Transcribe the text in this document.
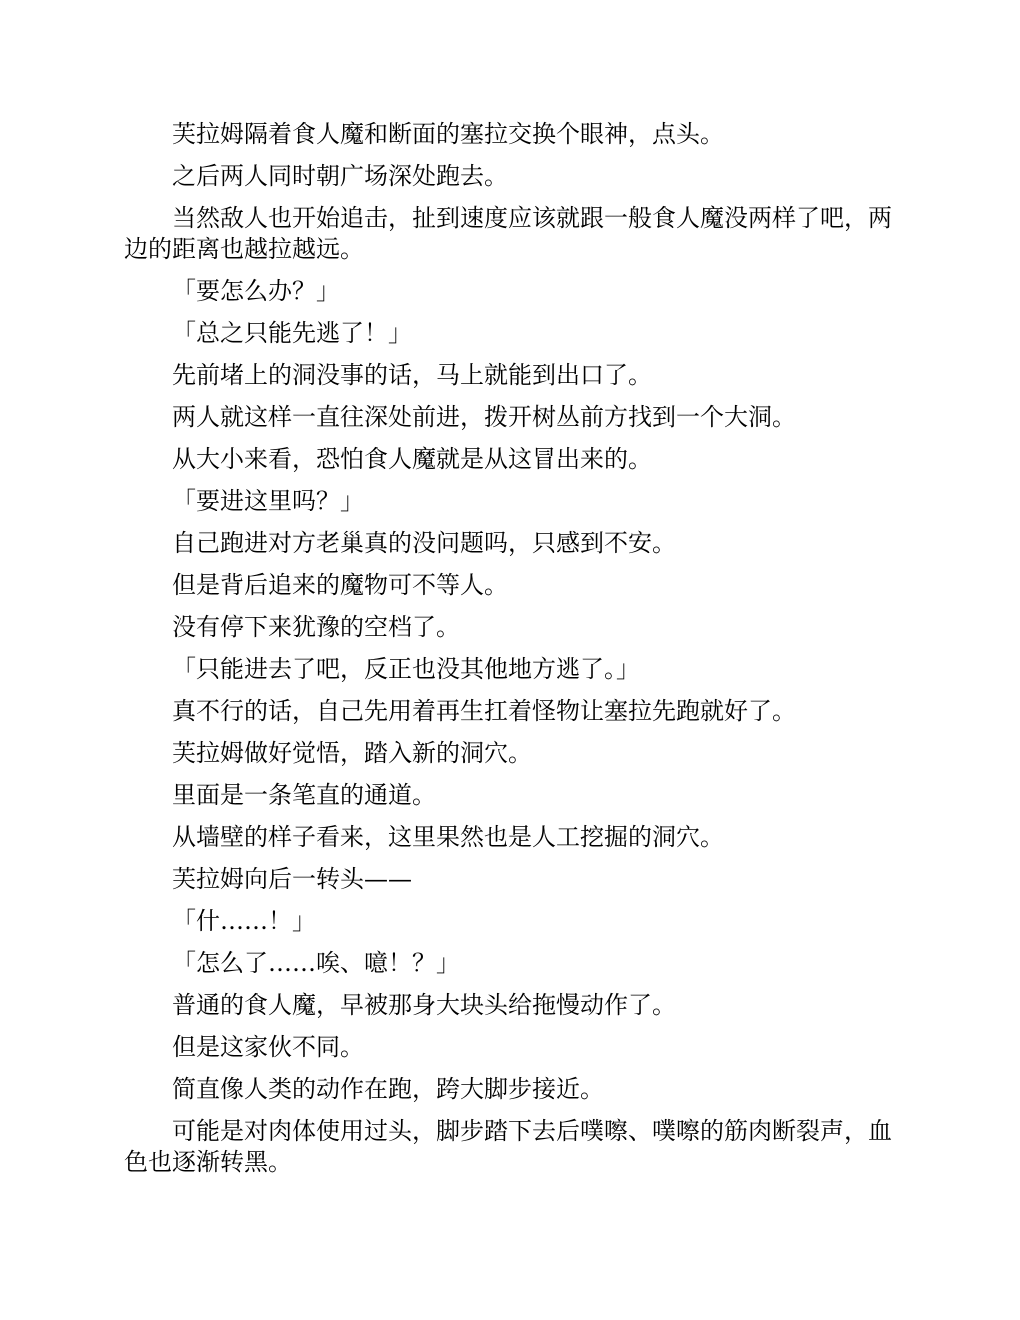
芙拉姆隔着食人魔和断面的塞拉交换个眼神，点头。

之后两人同时朝广场深处跑去。

当然敌人也开始追击，扯到速度应该就跟一般食人魔没两样了吧，两边的距离也越拉越远。

「要怎么办？」

「总之只能先逃了！」

先前堵上的洞没事的话，马上就能到出口了。

两人就这样一直往深处前进，拨开树丛前方找到一个大洞。

从大小来看，恐怕食人魔就是从这冒出来的。

「要进这里吗？」

自己跑进对方老巢真的没问题吗，只感到不安。

但是背后追来的魔物可不等人。

没有停下来犹豫的空档了。

「只能进去了吧，反正也没其他地方逃了。」

真不行的话，自己先用着再生扛着怪物让塞拉先跑就好了。

芙拉姆做好觉悟，踏入新的洞穴。

里面是一条笔直的通道。

从墙壁的样子看来，这里果然也是人工挖掘的洞穴。

芙拉姆向后一转头——

「什……！」

「怎么了……唉、噫！？」

普通的食人魔，早被那身大块头给拖慢动作了。

但是这家伙不同。

简直像人类的动作在跑，跨大脚步接近。

可能是对肉体使用过头，脚步踏下去后噗嚓、噗嚓的筋肉断裂声，血色也逐渐转黑。
